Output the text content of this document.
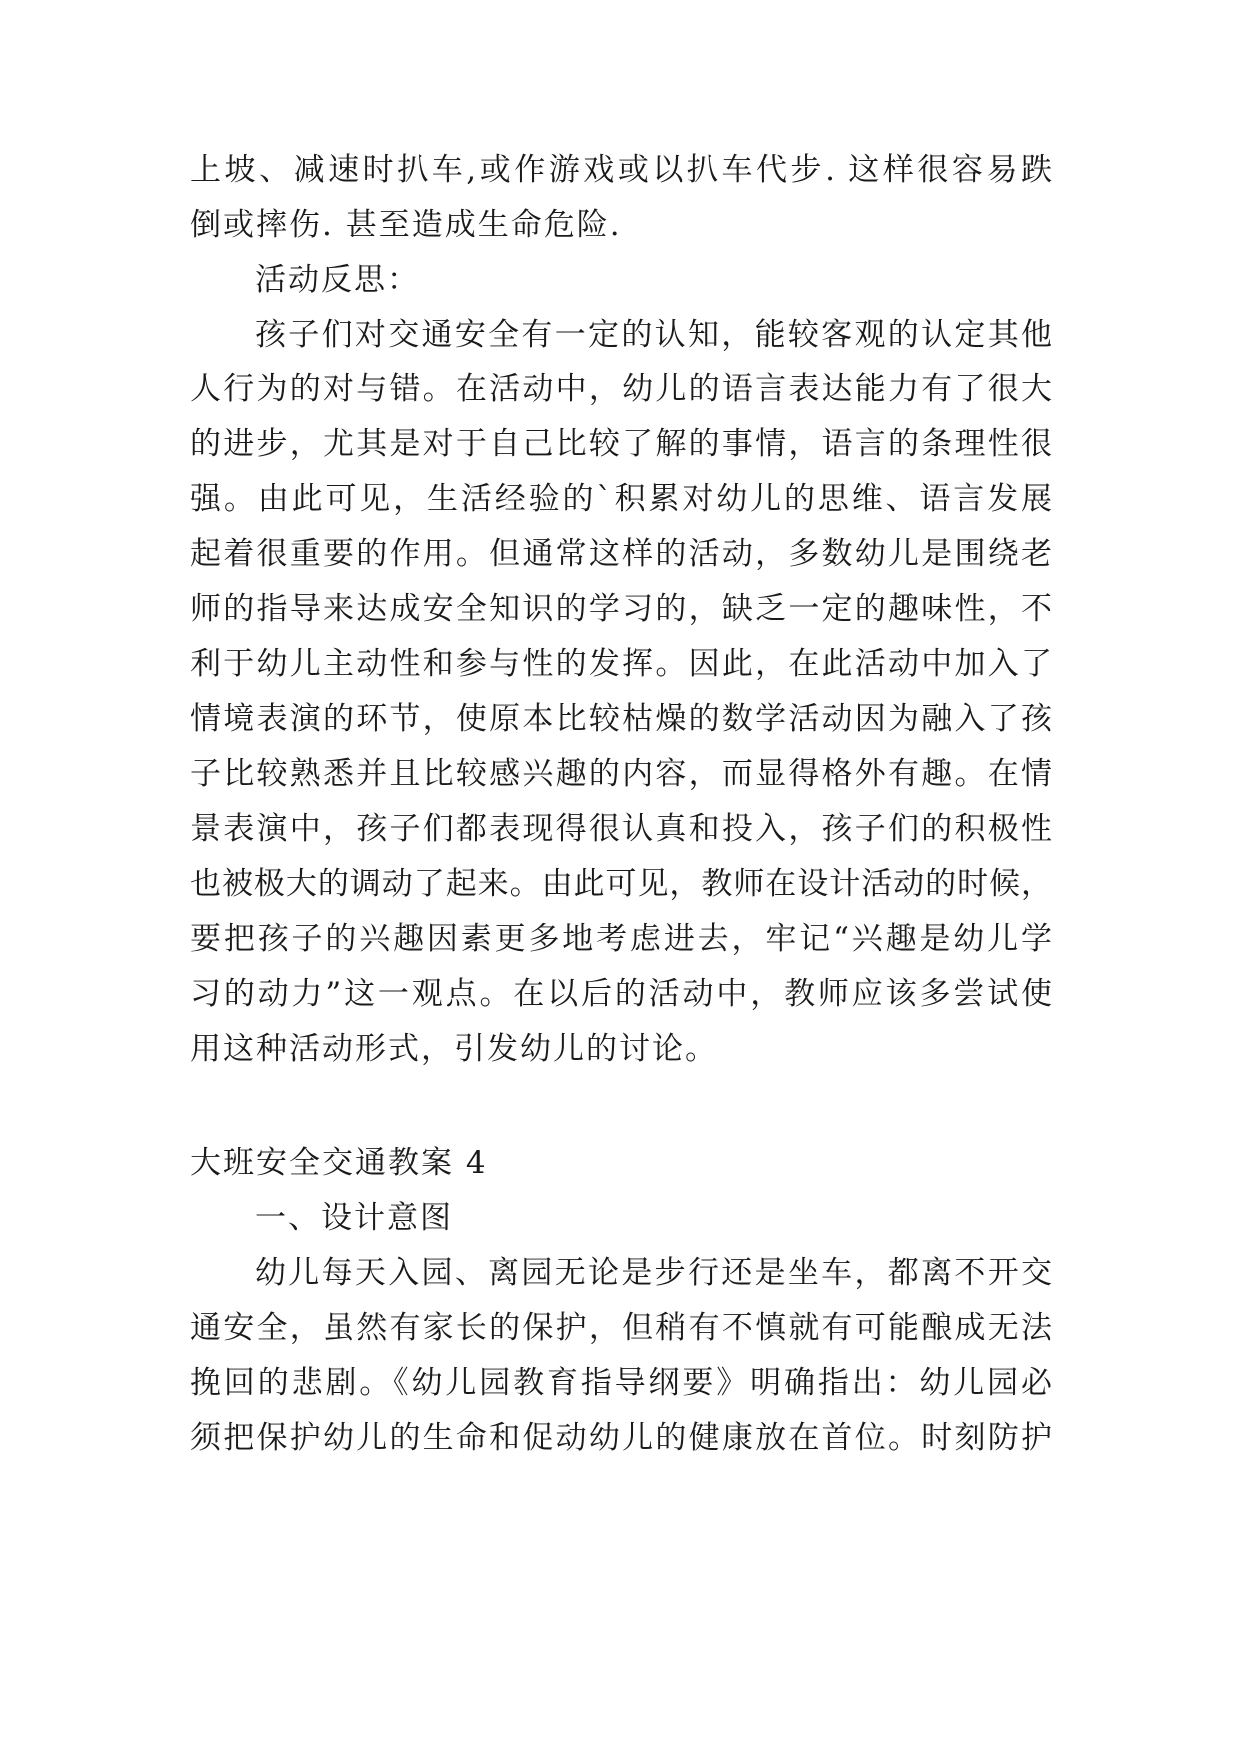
上坡、减速时扒车,或作游戏或以扒车代步. 这样很容易跌
倒或摔伤. 甚至造成生命危险.
活动反思：
孩子们对交通安全有一定的认知，能较客观的认定其他
人行为的对与错。在活动中，幼儿的语言表达能力有了很大
的进步，尤其是对于自己比较了解的事情，语言的条理性很
强。由此可见，生活经验的`积累对幼儿的思维、语言发展
起着很重要的作用。但通常这样的活动，多数幼儿是围绕老
师的指导来达成安全知识的学习的，缺乏一定的趣味性，不
利于幼儿主动性和参与性的发挥。因此，在此活动中加入了
情境表演的环节，使原本比较枯燥的数学活动因为融入了孩
子比较熟悉并且比较感兴趣的内容，而显得格外有趣。在情
景表演中，孩子们都表现得很认真和投入，孩子们的积极性
也被极大的调动了起来。由此可见，教师在设计活动的时候，
要把孩子的兴趣因素更多地考虑进去，牢记“兴趣是幼儿学
习的动力”这一观点。在以后的活动中，教师应该多尝试使
用这种活动形式，引发幼儿的讨论。
大班安全交通教案 4
一、设计意图
幼儿每天入园、离园无论是步行还是坐车，都离不开交
通安全，虽然有家长的保护，但稍有不慎就有可能酿成无法
挽回的悲剧。《幼儿园教育指导纲要》明确指出：幼儿园必
须把保护幼儿的生命和促动幼儿的健康放在首位。时刻防护
